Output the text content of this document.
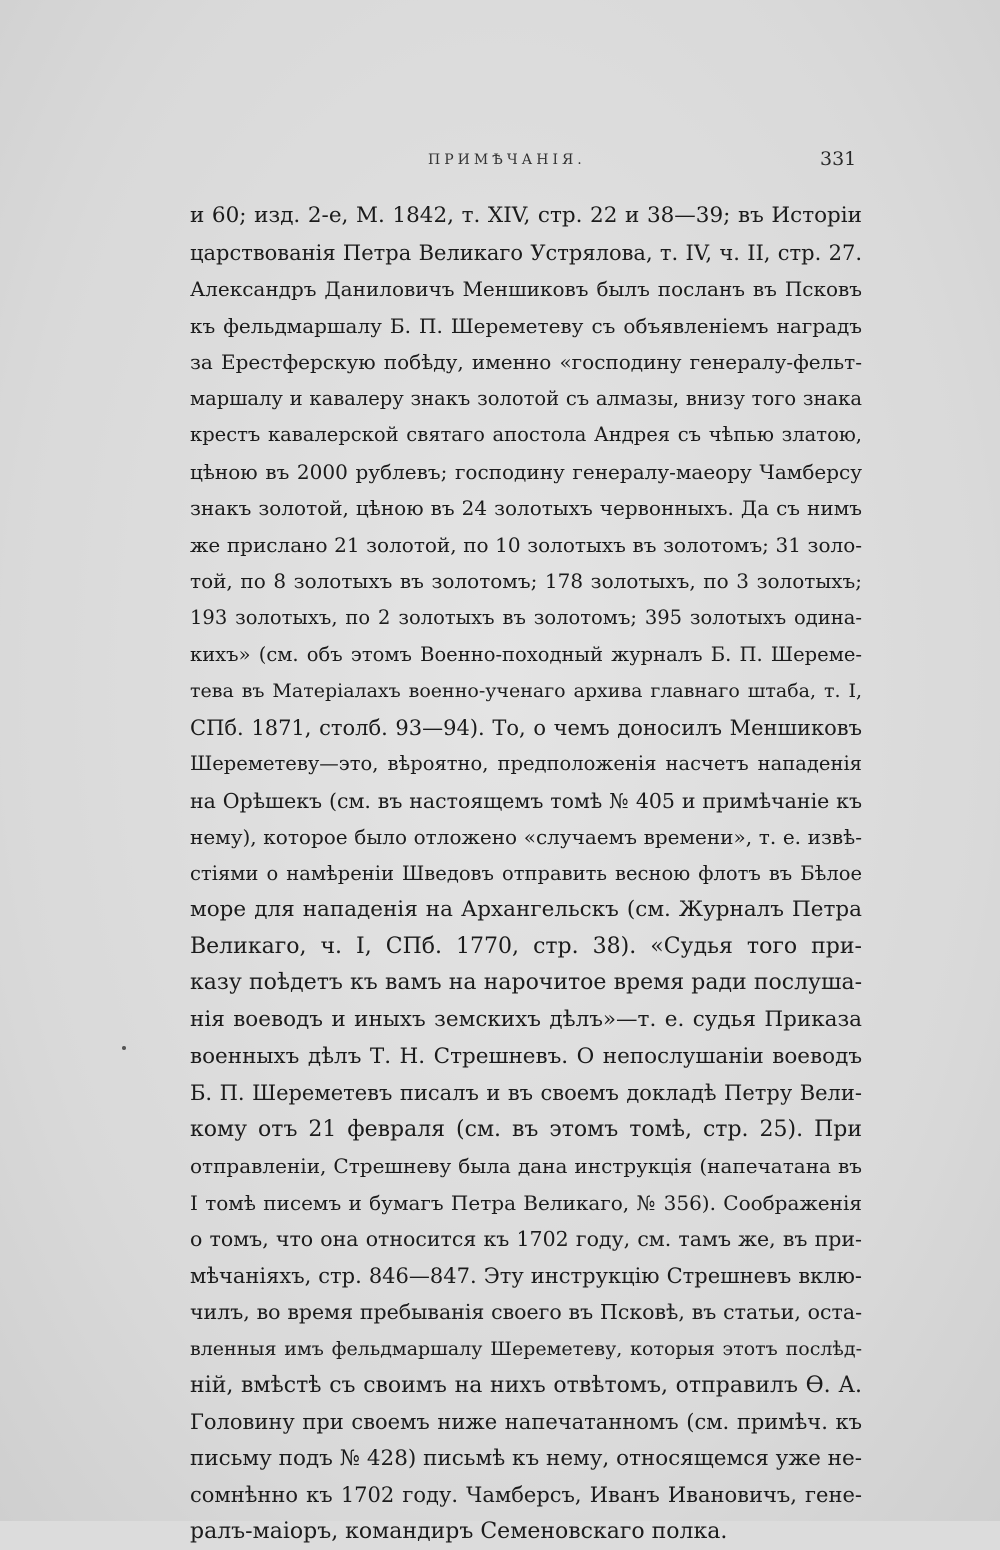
ПРИМѢЧАНІЯ.	331
и 60; изд. 2-е, М. 1842, т. XIV, стр. 22 и 38—39; въ Исторіи
царствованія Петра Великаго Устрялова, т. IV, ч. II, стр. 27.
Александръ Даниловичъ Меншиковъ былъ посланъ въ Псковъ
къ фельдмаршалу Б. П. Шереметеву съ объявленіемъ наградъ
за Ерестферскую побѣду, именно «господину генералу-фельт-
маршалу и кавалеру знакъ золотой съ алмазы, внизу того знака
крестъ кавалерской святаго апостола Андрея съ чѣпью златою,
цѣною въ 2000 рублевъ; господину генералу-маеору Чамберсу
знакъ золотой, цѣною въ 24 золотыхъ червонныхъ. Да съ нимъ
же прислано 21 золотой, по 10 золотыхъ въ золотомъ; 31 золо-
той, по 8 золотыхъ въ золотомъ; 178 золотыхъ, по 3 золотыхъ;
193 золотыхъ, по 2 золотыхъ въ золотомъ; 395 золотыхъ одина-
кихъ» (см. объ этомъ Военно-походный журналъ Б. П. Шереме-
тева въ Матеріалахъ военно-ученаго архива главнаго штаба, т. I,
СПб. 1871, столб. 93—94). То, о чемъ доносилъ Меншиковъ
Шереметеву—это, вѣроятно, предположенія насчетъ нападенія
на Орѣшекъ (см. въ настоящемъ томѣ № 405 и примѣчаніе къ
нему), которое было отложено «случаемъ времени», т. е. извѣ-
стіями о намѣреніи Шведовъ отправить весною флотъ въ Бѣлое
море для нападенія на Архангельскъ (см. Журналъ Петра
Великаго, ч. I, СПб. 1770, стр. 38). «Судья того при-
казу поѣдетъ къ вамъ на нарочитое время ради послуша-
нія воеводъ и иныхъ земскихъ дѣлъ»—т. е. судья Приказа
военныхъ дѣлъ Т. Н. Стрешневъ. О непослушаніи воеводъ
Б. П. Шереметевъ писалъ и въ своемъ докладѣ Петру Вели-
кому отъ 21 февраля (см. въ этомъ томѣ, стр. 25). При
отправленіи, Стрешневу была дана инструкція (напечатана въ
I томѣ писемъ и бумагъ Петра Великаго, № 356). Соображенія
о томъ, что она относится къ 1702 году, см. тамъ же, въ при-
мѣчаніяхъ, стр. 846—847. Эту инструкцію Стрешневъ вклю-
чилъ, во время пребыванія своего въ Псковѣ, въ статьи, оста-
вленныя имъ фельдмаршалу Шереметеву, которыя этотъ послѣд-
ній, вмѣстѣ съ своимъ на нихъ отвѣтомъ, отправилъ Ѳ. А.
Головину при своемъ ниже напечатанномъ (см. примѣч. къ
письму подъ № 428) письмѣ къ нему, относящемся уже не-
сомнѣнно къ 1702 году. Чамберсъ, Иванъ Ивановичъ, гене-
ралъ-маіоръ, командиръ Семеновскаго полка.
